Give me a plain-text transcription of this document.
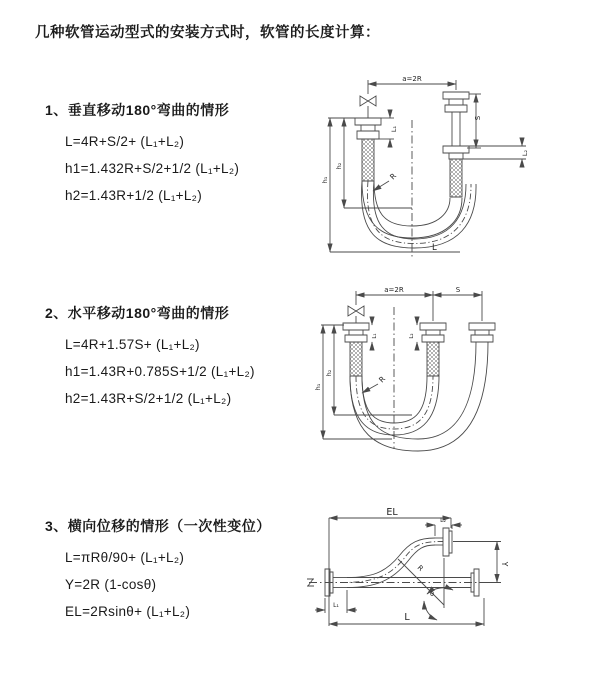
几种软管运动型式的安装方式时，软管的长度计算：
1、垂直移动180°弯曲的情形
L=4R+S/2+ (L₁+L₂)
h1=1.432R+S/2+1/2 (L₁+L₂)
h2=1.43R+1/2 (L₁+L₂)
2、水平移动180°弯曲的情形
L=4R+1.57S+ (L₁+L₂)
h1=1.43R+0.785S+1/2 (L₁+L₂)
h2=1.43R+S/2+1/2 (L₁+L₂)
3、横向位移的情形（一次性变位）
L=πRθ/90+ (L₁+L₂)
Y=2R (1-cosθ)
EL=2Rsinθ+ (L₁+L₂)
a=2R
S
L₂
L₁
h₂
h₁	R
L
a=2R	S
h₂
h₁
L₁	L₂
R
EL
L₂
Y
R
θ
L
L₁
